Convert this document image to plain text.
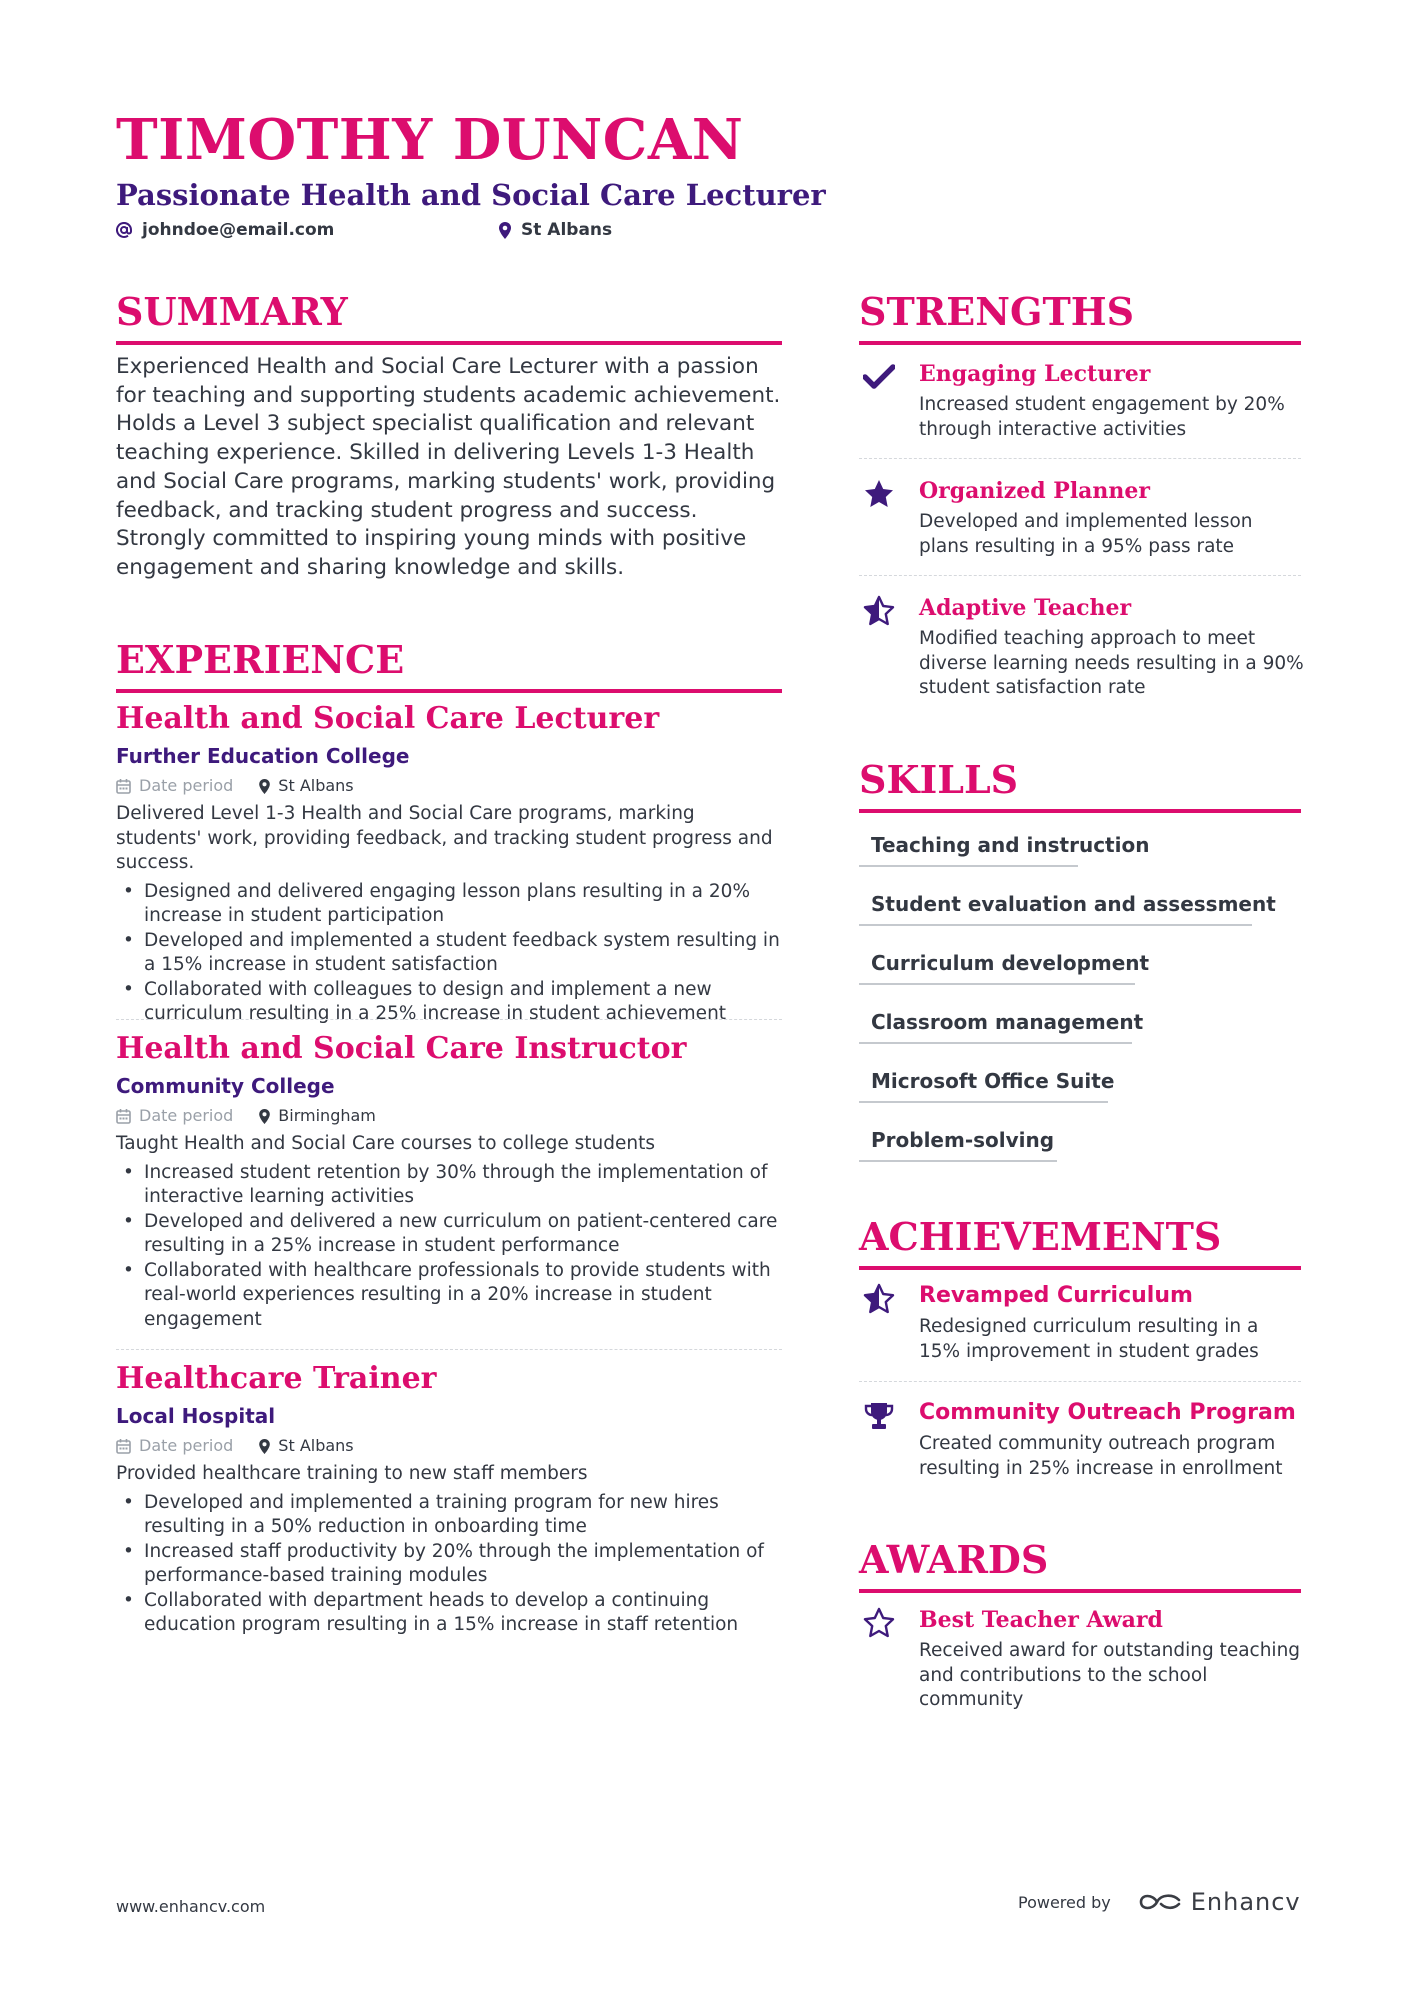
TIMOTHY DUNCAN
Passionate Health and Social Care Lecturer
johndoe@email.com	St Albans
SUMMARY

Experienced Health and Social Care Lecturer with a passion for teaching and supporting students academic achievement. Holds a Level 3 subject specialist qualification and relevant teaching experience. Skilled in delivering Levels 1-3 Health and Social Care programs, marking students' work, providing feedback, and tracking student progress and success. Strongly committed to inspiring young minds with positive engagement and sharing knowledge and skills.

EXPERIENCE
Health and Social Care Lecturer
Further Education College
Date period	St Albans

Delivered Level 1-3 Health and Social Care programs, marking students' work, providing feedback, and tracking student progress and success.

• Designed and delivered engaging lesson plans resulting in a 20% increase in student participation
• Developed and implemented a student feedback system resulting in a 15% increase in student satisfaction
• Collaborated with colleagues to design and implement a new curriculum resulting in a 25% increase in student achievement
Health and Social Care Instructor
Community College
Date period	Birmingham

Taught Health and Social Care courses to college students

• Increased student retention by 30% through the implementation of interactive learning activities
• Developed and delivered a new curriculum on patient-centered care resulting in a 25% increase in student performance
• Collaborated with healthcare professionals to provide students with real-world experiences resulting in a 20% increase in student engagement
Healthcare Trainer
Local Hospital
Date period	St Albans

Provided healthcare training to new staff members

• Developed and implemented a training program for new hires resulting in a 50% reduction in onboarding time
• Increased staff productivity by 20% through the implementation of performance-based training modules
• Collaborated with department heads to develop a continuing education program resulting in a 15% increase in staff retention
STRENGTHS
Engaging Lecturer
Increased student engagement by 20% through interactive activities
Organized Planner
Developed and implemented lesson plans resulting in a 95% pass rate
Adaptive Teacher
Modified teaching approach to meet diverse learning needs resulting in a 90% student satisfaction rate
SKILLS
Teaching and instruction
Student evaluation and assessment
Curriculum development
Classroom management
Microsoft Office Suite
Problem-solving
ACHIEVEMENTS
Revamped Curriculum
Redesigned curriculum resulting in a 15% improvement in student grades
Community Outreach Program
Created community outreach program resulting in 25% increase in enrollment
AWARDS
Best Teacher Award
Received award for outstanding teaching and contributions to the school community
www.enhancv.com	Powered by	Enhancv
